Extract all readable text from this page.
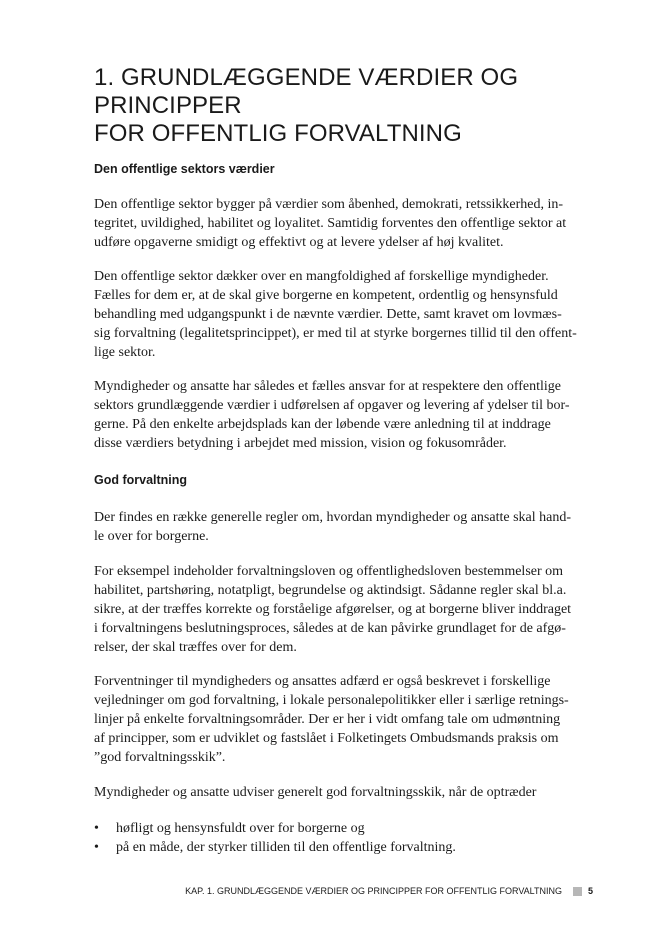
1. GRUNDLÆGGENDE VÆRDIER OG PRINCIPPER
FOR OFFENTLIG FORVALTNING
Den offentlige sektors værdier

Den offentlige sektor bygger på værdier som åbenhed, demokrati, retssikkerhed, in-
tegritet, uvildighed, habilitet og loyalitet. Samtidig forventes den offentlige sektor at
udføre opgaverne smidigt og effektivt og at levere ydelser af høj kvalitet.

Den offentlige sektor dækker over en mangfoldighed af forskellige myndigheder.
Fælles for dem er, at de skal give borgerne en kompetent, ordentlig og hensynsfuld
behandling med udgangspunkt i de nævnte værdier. Dette, samt kravet om lovmæs-
sig forvaltning (legalitetsprincippet), er med til at styrke borgernes tillid til den offent-
lige sektor.

Myndigheder og ansatte har således et fælles ansvar for at respektere den offentlige
sektors grundlæggende værdier i udførelsen af opgaver og levering af ydelser til bor-
gerne. På den enkelte arbejdsplads kan der løbende være anledning til at inddrage
disse værdiers betydning i arbejdet med mission, vision og fokusområder.

God forvaltning

Der findes en række generelle regler om, hvordan myndigheder og ansatte skal hand-
le over for borgerne.

For eksempel indeholder forvaltningsloven og offentlighedsloven bestemmelser om
habilitet, partshøring, notatpligt, begrundelse og aktindsigt. Sådanne regler skal bl.a.
sikre, at der træffes korrekte og forståelige afgørelser, og at borgerne bliver inddraget
i forvaltningens beslutningsproces, således at de kan påvirke grundlaget for de afgø-
relser, der skal træffes over for dem.

Forventninger til myndigheders og ansattes adfærd er også beskrevet i forskellige
vejledninger om god forvaltning, i lokale personalepolitikker eller i særlige retnings-
linjer på enkelte forvaltningsområder. Der er her i vidt omfang tale om udmøntning
af principper, som er udviklet og fastslået i Folketingets Ombudsmands praksis om
”god forvaltningsskik”.

Myndigheder og ansatte udviser generelt god forvaltningsskik, når de optræder

• høfligt og hensynsfuldt over for borgerne og
• på en måde, der styrker tilliden til den offentlige forvaltning.
KAP. 1. GRUNDLÆGGENDE VÆRDIER OG PRINCIPPER FOR OFFENTLIG FORVALTNING	5
